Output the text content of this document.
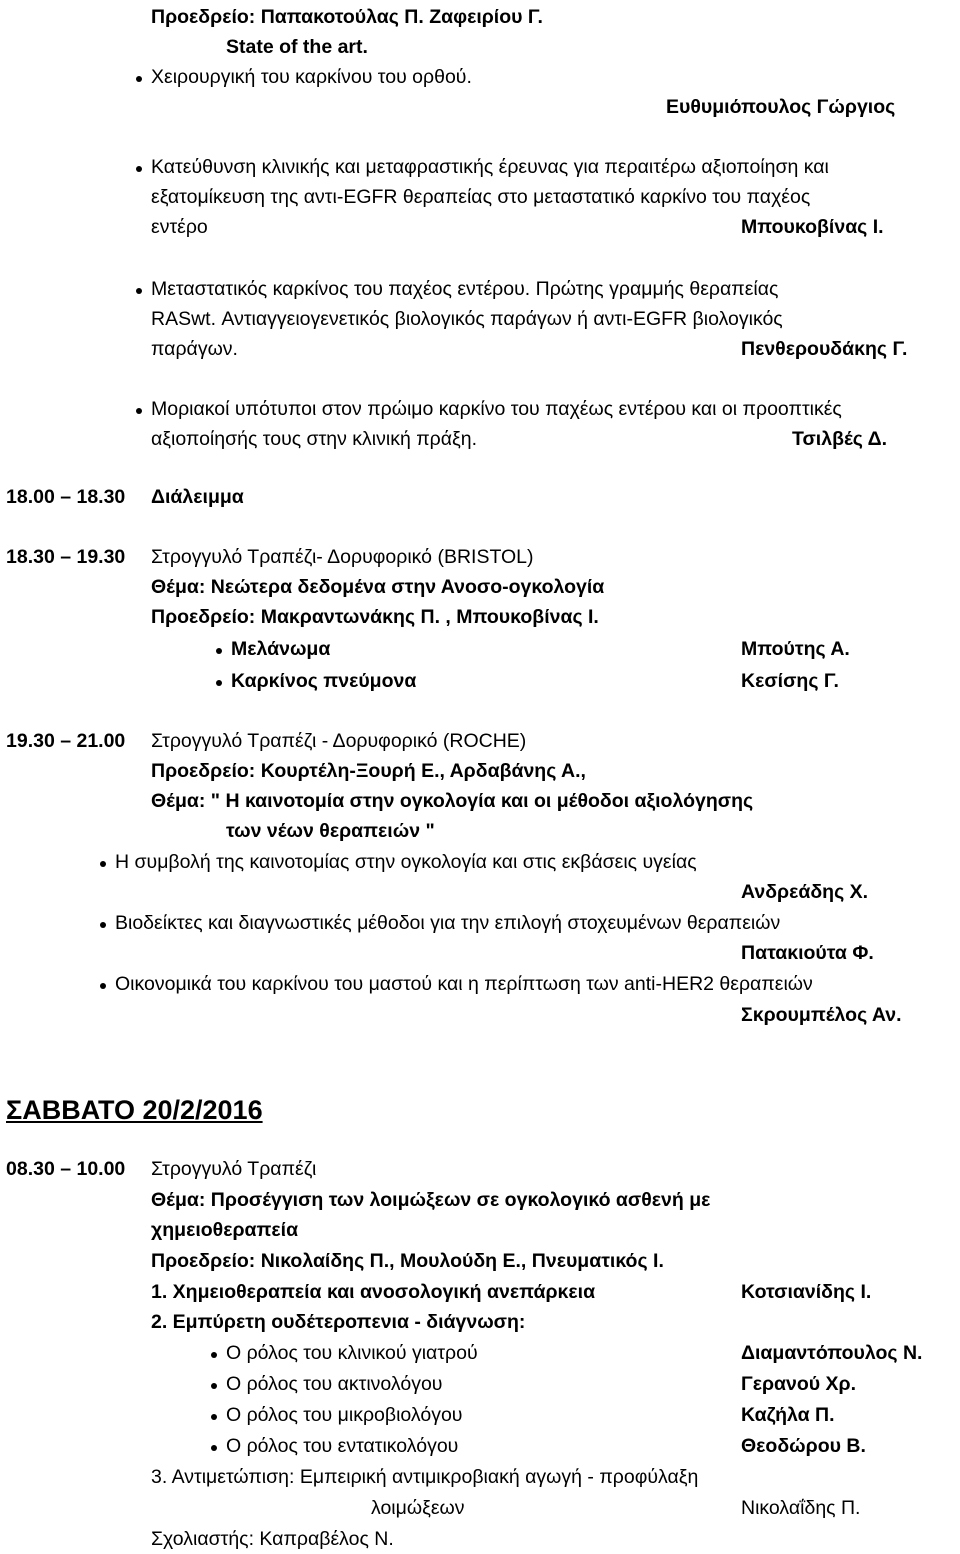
Προεδρείο: Παπακοτούλας Π. Ζαφειρίου Γ.
State of the art.
Χειρουργική του καρκίνου του ορθού.
Ευθυμιόπουλος Γώργιος
Κατεύθυνση κλινικής και μεταφραστικής έρευνας για περαιτέρω αξιοποίηση και
εξατομίκευση της αντι-EGFR θεραπείας στο μεταστατικό καρκίνο του παχέος
εντέρο	Μπουκοβίνας Ι.
Μεταστατικός καρκίνος του παχέος εντέρου. Πρώτης γραμμής θεραπείας
RASwt. Αντιαγγειογενετικός βιολογικός παράγων ή αντι-EGFR βιολογικός
παράγων.	Πενθερουδάκης Γ.
Μοριακοί υπότυποι στον πρώιμο καρκίνο του παχέως εντέρου και οι προοπτικές
αξιοποίησής τους στην κλινική πράξη.	Τσιλβές Δ.
18.00 – 18.30 Διάλειμμα
18.30 – 19.30 Στρογγυλό Τραπέζι- Δορυφορικό (BRISTOL)
Θέμα: Νεώτερα δεδομένα στην Ανοσο-ογκολογία
Προεδρείο: Μακραντωνάκης Π. , Μπουκοβίνας Ι.
Μελάνωμα	Μπούτης Α.
Καρκίνος πνεύμονα	Κεσίσης Γ.
19.30 – 21.00 Στρογγυλό Τραπέζι - Δορυφορικό (ROCHE)
Προεδρείο: Κουρτέλη-Ξουρή Ε., Αρδαβάνης Α.,
Θέμα: " Η καινοτομία στην ογκολογία και οι μέθοδοι αξιολόγησης
των νέων θεραπειών "
Η συμβολή της καινοτομίας στην ογκολογία και στις εκβάσεις υγείας
Ανδρεάδης Χ.
Βιοδείκτες και διαγνωστικές μέθοδοι για την επιλογή στοχευμένων θεραπειών
Πατακιούτα Φ.
Οικονομικά του καρκίνου του μαστού και η περίπτωση των anti-HER2 θεραπειών
Σκρουμπέλος Αν.
ΣΑΒΒΑΤΟ 20/2/2016
08.30 – 10.00 Στρογγυλό Τραπέζι
Θέμα: Προσέγγιση των λοιμώξεων σε ογκολογικό ασθενή με
χημειοθεραπεία
Προεδρείο: Νικολαίδης Π., Μουλούδη Ε., Πνευματικός Ι.
1. Χημειοθεραπεία και ανοσολογική ανεπάρκεια	Κοτσιανίδης Ι.
2. Εμπύρετη ουδέτεροπενια - διάγνωση:
Ο ρόλος του κλινικού γιατρού	Διαμαντόπουλος Ν.
Ο ρόλος του ακτινολόγου	Γερανού Χρ.
Ο ρόλος του μικροβιολόγου	Καζήλα Π.
Ο ρόλος του εντατικολόγου	Θεοδώρου Β.
3. Αντιμετώπιση: Εμπειρική αντιμικροβιακή αγωγή - προφύλαξη
λοιμώξεων	Νικολαΐδης Π.
Σχολιαστής: Καπραβέλος Ν.
